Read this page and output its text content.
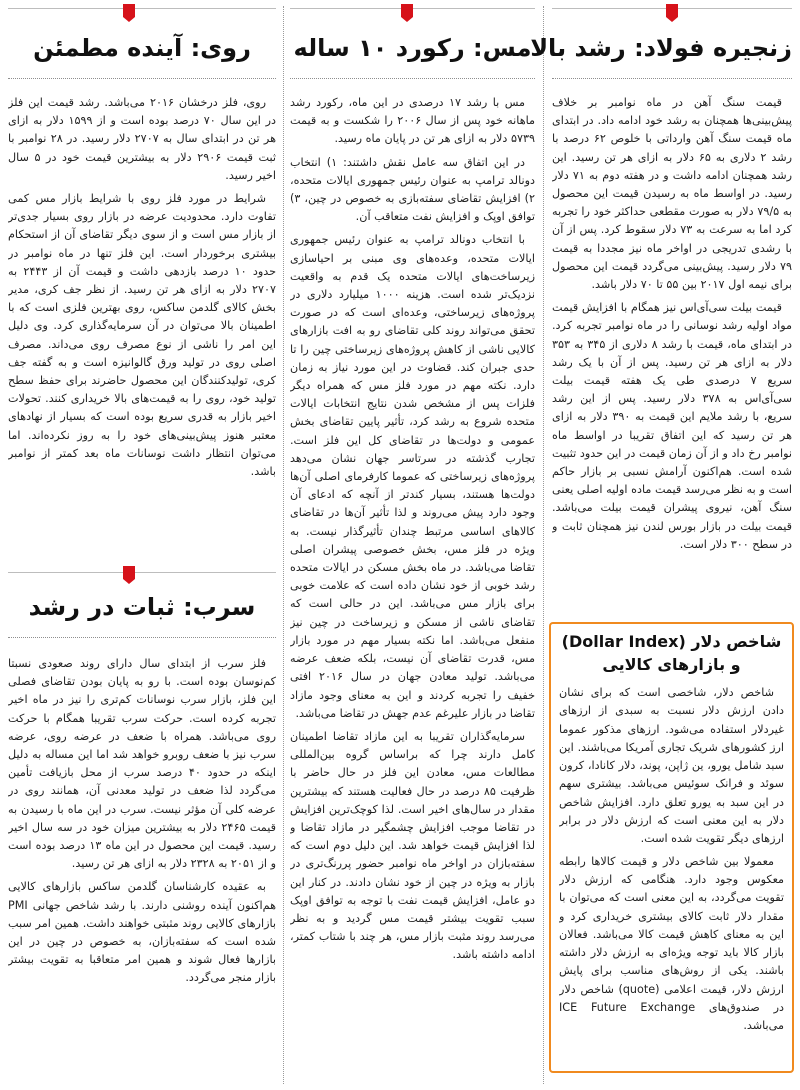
زنجیره فولاد: رشد بالا

قیمت سنگ آهن در ماه نوامبر بر خلاف پیش‌بینی‌ها همچنان به رشد خود ادامه داد. در ابتدای ماه قیمت سنگ آهن وارداتی با خلوص ۶۲ درصد با رشد ۲ دلاری به ۶۵ دلار به ازای هر تن رسید. این رشد همچنان ادامه داشت و در هفته دوم به ۷۱ دلار رسید. در اواسط ماه به رسیدن قیمت این محصول به ۷۹/۵ دلار به صورت مقطعی حداکثر خود را تجربه کرد اما به سرعت به ۷۳ دلار سقوط کرد. پس از آن با رشدی تدریجی در اواخر ماه نیز مجددا به قیمت ۷۹ دلار رسید. پیش‌بینی می‌گردد قیمت این محصول برای نیمه اول ۲۰۱۷ بین ۵۵ تا ۷۰ دلار باشد.

قیمت بیلت سی‌آی‌اس نیز همگام با افزایش قیمت مواد اولیه رشد نوسانی را در ماه نوامبر تجربه کرد. در ابتدای ماه، قیمت با رشد ۸ دلاری از ۳۴۵ به ۳۵۳ دلار به ازای هر تن رسید. پس از آن با یک رشد سریع ۷ درصدی طی یک هفته قیمت بیلت سی‌آی‌اس به ۳۷۸ دلار رسید. پس از این رشد سریع، با رشد ملایم این قیمت به ۳۹۰ دلار به ازای هر تن رسید که این اتفاق تقریبا در اواسط ماه نوامبر رخ داد و از آن زمان قیمت در این حدود تثبیت شده است. هم‌اکنون آرامش نسبی بر بازار حاکم است و به نظر می‌رسد قیمت ماده اولیه اصلی یعنی سنگ آهن، نیروی پیشران قیمت بیلت می‌باشد. قیمت بیلت در بازار بورس لندن نیز همچنان ثابت و در سطح ۳۰۰ دلار است.

شاخص دلار (Dollar Index)
و بازارهای کالایی

شاخص دلار، شاخصی است که برای نشان دادن ارزش دلار نسبت به سبدی از ارزهای غیردلار استفاده می‌شود. ارزهای مذکور عموما ارز کشورهای شریک تجاری آمریکا می‌باشند. این سبد شامل یورو، ین ژاپن، پوند، دلار کانادا، کرون سوئد و فرانک سوئیس می‌باشد. بیشتری سهم در این سبد به یورو تعلق دارد. افزایش شاخص دلار به این معنی است که ارزش دلار در برابر ارزهای دیگر تقویت شده است.

معمولا بین شاخص دلار و قیمت کالاها رابطه معکوس وجود دارد. هنگامی که ارزش دلار تقویت می‌گردد، به این معنی است که می‌توان با مقدار دلار ثابت کالای بیشتری خریداری کرد و این به معنای کاهش قیمت کالا می‌باشد. فعالان بازار کالا باید توجه ویژه‌ای به ارزش دلار داشته باشند. یکی از روش‌های مناسب برای پایش ارزش دلار، قیمت اعلامی (quote) شاخص دلار در صندوق‌های ICE Future Exchange می‌باشد.

مس: رکورد ۱۰ ساله

مس با رشد ۱۷ درصدی در این ماه، رکورد رشد ماهانه خود پس از سال ۲۰۰۶ را شکست و به قیمت ۵۷۳۹ دلار به ازای هر تن در پایان ماه رسید.

در این اتفاق سه عامل نقش داشتند: ۱) انتخاب دونالد ترامپ به عنوان رئیس جمهوری ایالات متحده، ۲) افزایش تقاضای سفته‌بازی به خصوص در چین، ۳) توافق اوپک و افزایش نفت متعاقب آن.

با انتخاب دونالد ترامپ به عنوان رئیس جمهوری ایالات متحده، وعده‌های وی مبنی بر احیاسازی زیرساخت‌های ایالات متحده یک قدم به واقعیت نزدیک‌تر شده است. هزینه ۱۰۰۰ میلیارد دلاری در پروژه‌های زیرساختی، وعده‌ای است که در صورت تحقق می‌تواند روند کلی تقاضای رو به افت بازارهای کالایی ناشی از کاهش پروژه‌های زیرساختی چین را تا حدی جبران کند. قضاوت در این مورد نیاز به زمان دارد. نکته مهم در مورد فلز مس که همراه دیگر فلزات پس از مشخص شدن نتایج انتخابات ایالات متحده شروع به رشد کرد، تأثیر پایین تقاضای بخش عمومی و دولت‌ها در تقاضای کل این فلز است. تجارب گذشته در سرتاسر جهان نشان می‌دهد پروژه‌های زیرساختی که عموما کارفرمای اصلی آن‌ها دولت‌ها هستند، بسیار کندتر از آنچه که ادعای آن وجود دارد پیش می‌روند و لذا تأثیر آن‌ها در تقاضای کالاهای اساسی مرتبط چندان تأثیرگذار نیست. به ویژه در فلز مس، بخش خصوصی پیشران اصلی تقاضا می‌باشد. در ماه بخش مسکن در ایالات متحده رشد خوبی از خود نشان داده است که علامت خوبی برای بازار مس می‌باشد. این در حالی است که تقاضای ناشی از مسکن و زیرساخت در چین نیز منفعل می‌باشد. اما نکته بسیار مهم در مورد بازار مس، قدرت تقاضای آن نیست، بلکه ضعف عرضه می‌باشد. تولید معادن جهان در سال ۲۰۱۶ افتی خفیف را تجربه کردند و این به معنای وجود مازاد تقاضا در بازار علیرغم عدم جهش در تقاضا می‌باشد.

سرمایه‌گذاران تقریبا به این مازاد تقاضا اطمینان کامل دارند چرا که براساس گروه بین‌المللی مطالعات مس، معادن این فلز در حال حاضر با ظرفیت ۸۵ درصد در حال فعالیت هستند که بیشترین مقدار در سال‌های اخیر است. لذا کوچک‌ترین افزایش در تقاضا موجب افزایش چشمگیر در مازاد تقاضا و لذا افزایش قیمت خواهد شد. این دلیل دوم است که سفته‌بازان در اواخر ماه نوامبر حضور پررنگ‌تری در بازار به ویژه در چین از خود نشان دادند. در کنار این دو عامل، افزایش قیمت نفت با توجه به توافق اوپک سبب تقویت بیشتر قیمت مس گردید و به نظر می‌رسد روند مثبت بازار مس، هر چند با شتاب کمتر، ادامه داشته باشد.

روی: آینده مطمئن

روی، فلز درخشان ۲۰۱۶ می‌باشد. رشد قیمت این فلز در این سال ۷۰ درصد بوده است و از ۱۵۹۹ دلار به ازای هر تن در ابتدای سال به ۲۷۰۷ دلار رسید. در ۲۸ نوامبر با ثبت قیمت ۲۹۰۶ دلار به بیشترین قیمت خود در ۵ سال اخیر رسید.

شرایط در مورد فلز روی با شرایط بازار مس کمی تفاوت دارد. محدودیت عرضه در بازار روی بسیار جدی‌تر از بازار مس است و از سوی دیگر تقاضای آن از استحکام بیشتری برخوردار است. این فلز تنها در ماه نوامبر در حدود ۱۰ درصد بازدهی داشت و قیمت آن از ۲۴۴۳ به ۲۷۰۷ دلار به ازای هر تن رسید. از نظر جف کری، مدیر بخش کالای گلدمن ساکس، روی بهترین فلزی است که با اطمینان بالا می‌توان در آن سرمایه‌گذاری کرد. وی دلیل این امر را ناشی از نوع مصرف روی می‌داند. مصرف اصلی روی در تولید ورق گالوانیزه است و به گفته جف کری، تولیدکنندگان این محصول حاضرند برای حفظ سطح تولید خود، روی را به قیمت‌های بالا خریداری کنند. تحولات اخیر بازار به قدری سریع بوده است که بسیار از نهادهای معتبر هنوز پیش‌بینی‌های خود را به روز نکرده‌اند. اما می‌توان انتظار داشت نوسانات ماه بعد کمتر از نوامبر باشد.

سرب: ثبات در رشد

فلز سرب از ابتدای سال دارای روند صعودی نسبتا کم‌نوسان بوده است. با رو به پایان بودن تقاضای فصلی این فلز، بازار سرب نوسانات کم‌تری را نیز در ماه اخیر تجربه کرده است. حرکت سرب تقریبا همگام با حرکت روی می‌باشد. همراه با ضعف در عرضه روی، عرضه سرب نیز با ضعف روبرو خواهد شد اما این مساله به دلیل اینکه در حدود ۴۰ درصد سرب از محل بازیافت تأمین می‌گردد لذا ضعف در تولید معدنی آن، همانند روی در عرضه کلی آن مؤثر نیست. سرب در این ماه با رسیدن به قیمت ۲۴۶۵ دلار به بیشترین میزان خود در سه سال اخیر رسید. قیمت این محصول در این ماه ۱۳ درصد بوده است و از ۲۰۵۱ به ۲۳۲۸ دلار به ازای هر تن رسید.

به عقیده کارشناسان گلدمن ساکس بازارهای کالایی هم‌اکنون آینده روشنی دارند. با رشد شاخص جهانی PMI بازارهای کالایی روند مثبتی خواهند داشت. همین امر سبب شده است که سفته‌بازان، به خصوص در چین در این بازارها فعال شوند و همین امر متعاقبا به تقویت بیشتر بازار منجر می‌گردد.
